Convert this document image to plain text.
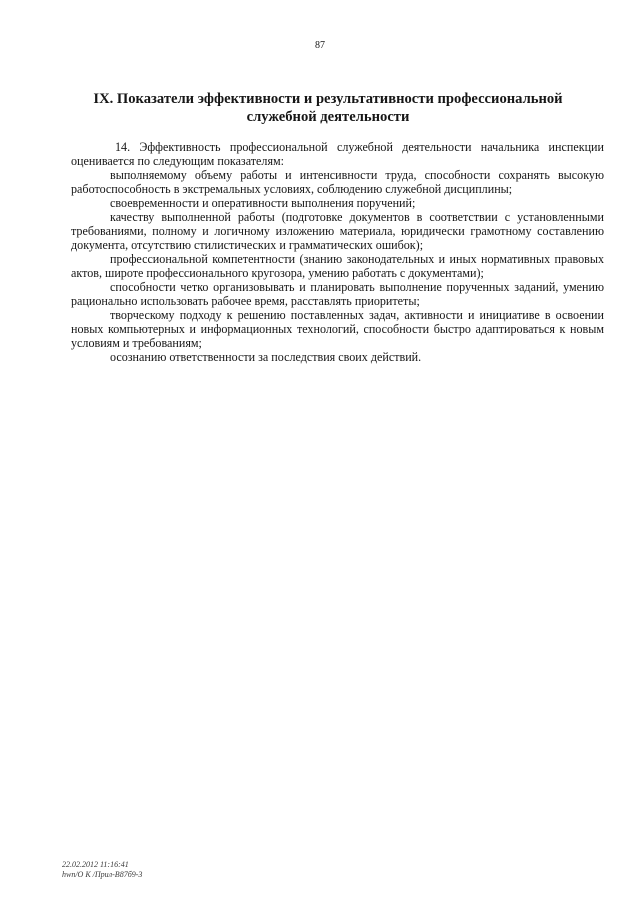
87
IX. Показатели эффективности и результативности профессиональной
служебной деятельности

14. Эффективность профессиональной служебной деятельности начальника инспекции оценивается по следующим показателям:

выполняемому объему работы и интенсивности труда, способности сохранять высокую работоспособность в экстремальных условиях, соблюдению служебной дисциплины;

своевременности и оперативности выполнения поручений;

качеству выполненной работы (подготовке документов в соответствии с установленными требованиями, полному и логичному изложению материала, юридически грамотному составлению документа, отсутствию стилистических и грамматических ошибок);

профессиональной компетентности (знанию законодательных и иных нормативных правовых актов, широте профессионального кругозора, умению работать с документами);

способности четко организовывать и планировать выполнение порученных заданий, умению рационально использовать рабочее время, расставлять приоритеты;

творческому подходу к решению поставленных задач, активности и инициативе в освоении новых компьютерных и информационных технологий, способности быстро адаптироваться к новым условиям и требованиям;

осознанию ответственности за последствия своих действий.

22.02.2012 11:16:41
hwn/О К /Прил-В87б9-3
